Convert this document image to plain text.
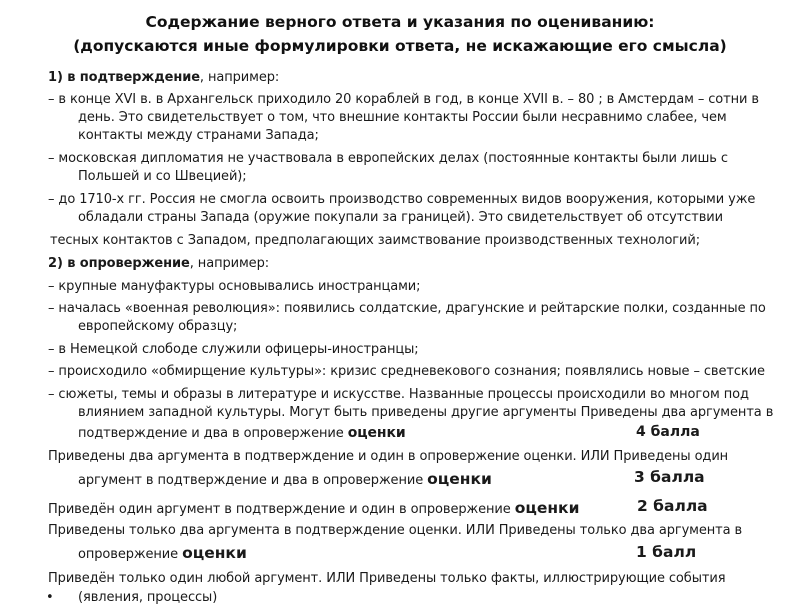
Содержание верного ответа и указания по оцениванию:
(допускаются иные формулировки ответа, не искажающие его смысла)
1) в подтверждение, например:
– в конце XVI в. в Архангельск приходило 20 кораблей в год, в конце XVII в. – 80 ; в Амстердам – сотни в
день. Это свидетельствует о том, что внешние контакты России были несравнимо слабее, чем
контакты между странами Запада;
– московская дипломатия не участвовала в европейских делах (постоянные контакты были лишь с
Польшей и со Швецией);
– до 1710-х гг. Россия не смогла освоить производство современных видов вооружения, которыми уже
обладали страны Запада (оружие покупали за границей). Это свидетельствует об отсутствии
тесных контактов с Западом, предполагающих заимствование производственных технологий;
2) в опровержение, например:
– крупные мануфактуры основывались иностранцами;
– началась «военная революция»: появились солдатские, драгунские и рейтарские полки, созданные по
европейскому образцу;
– в Немецкой слободе служили офицеры-иностранцы;
– происходило «обмирщение культуры»: кризис средневекового сознания; появлялись новые – светские
– сюжеты, темы и образы в литературе и искусстве. Названные процессы происходили во многом под
влиянием западной культуры. Могут быть приведены другие аргументы Приведены два аргумента в
подтверждение и два в опровержение оценки	4 балла
Приведены два аргумента в подтверждение и один в опровержение оценки. ИЛИ Приведены один
аргумент в подтверждение и два в опровержение оценки	3 балла
Приведён один аргумент в подтверждение и один в опровержение оценки	2 балла
Приведены только два аргумента в подтверждение оценки. ИЛИ Приведены только два аргумента в
опровержение оценки	1 балл
Приведён только один любой аргумент. ИЛИ Приведены только факты, иллюстрирующие события
• (явления, процессы)
